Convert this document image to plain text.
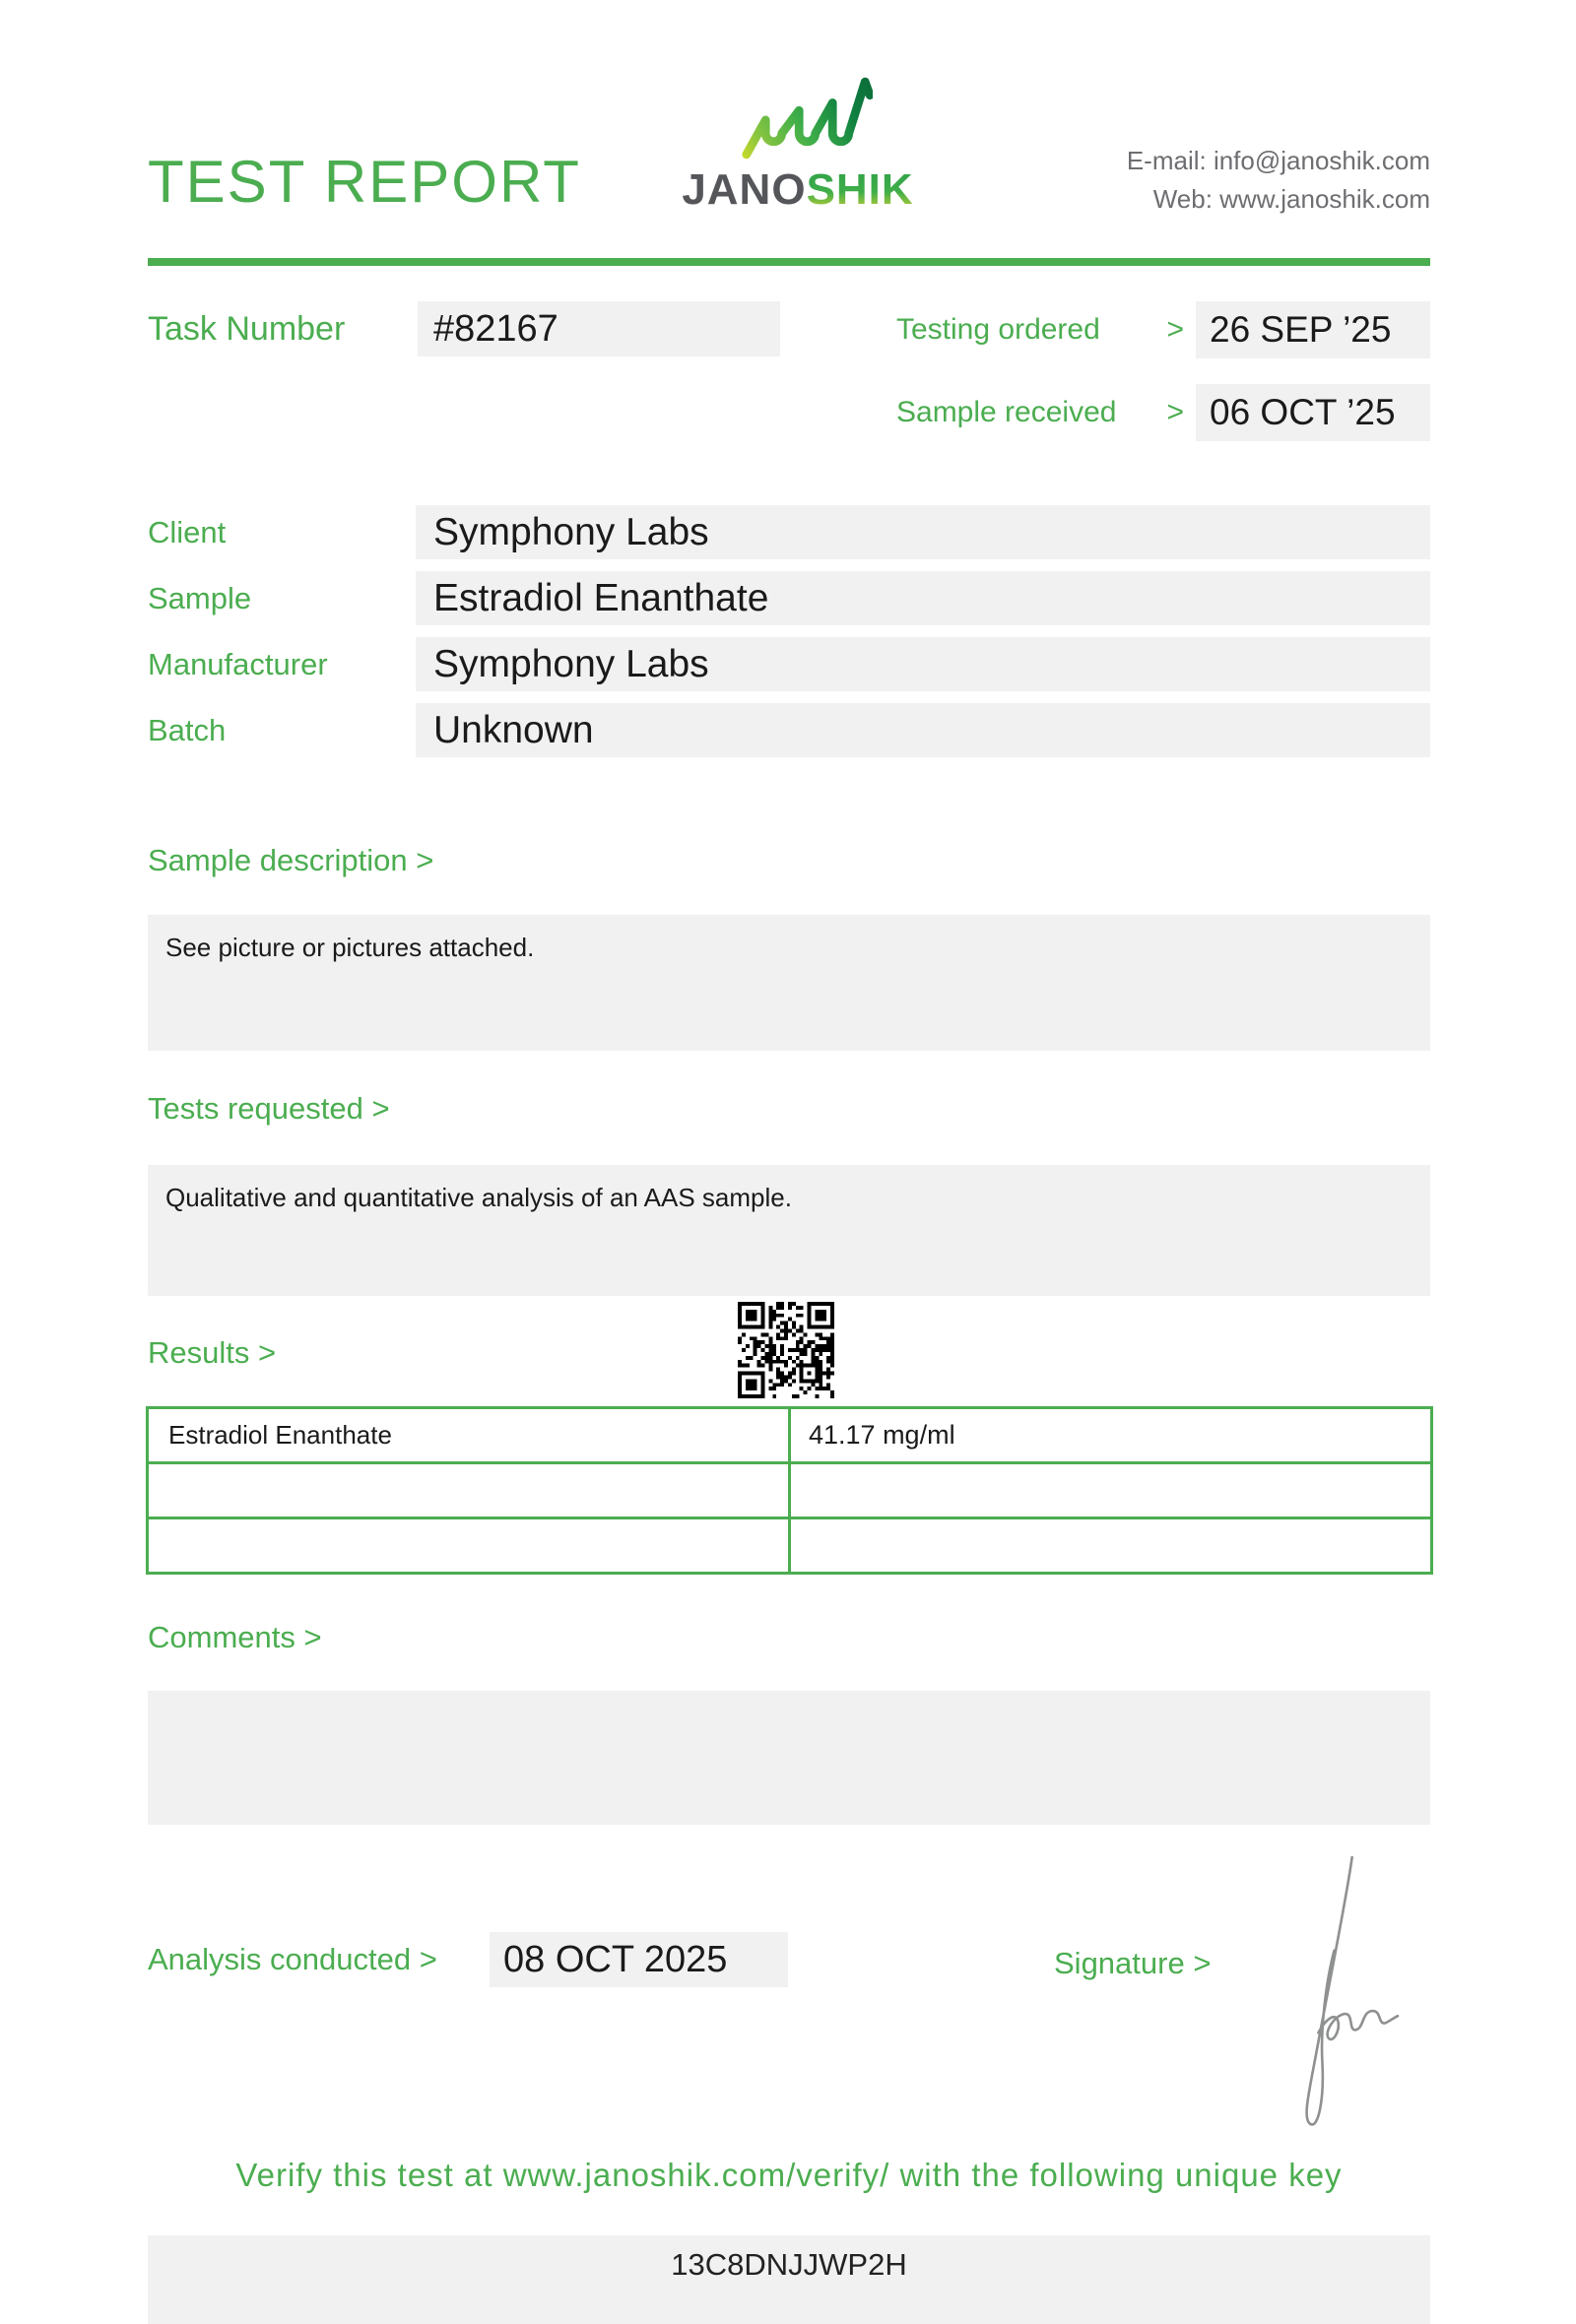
TEST REPORT JANOSHIK
E-mail: info@janoshik.com
Web: www.janoshik.com
Task Number	#82167	Testing ordered > 26 SEP ’25
Sample received > 06 OCT ’25
Client	Symphony Labs
Sample	Estradiol Enanthate
Manufacturer	Symphony Labs
Batch	Unknown
Sample description >
See picture or pictures attached.
Tests requested >
Qualitative and quantitative analysis of an AAS sample.
Results >
Estradiol Enanthate	41.17 mg/ml

Comments >
Analysis conducted >	08 OCT 2025	Signature >
Verify this test at www.janoshik.com/verify/ with the following unique key
13C8DNJJWP2H
